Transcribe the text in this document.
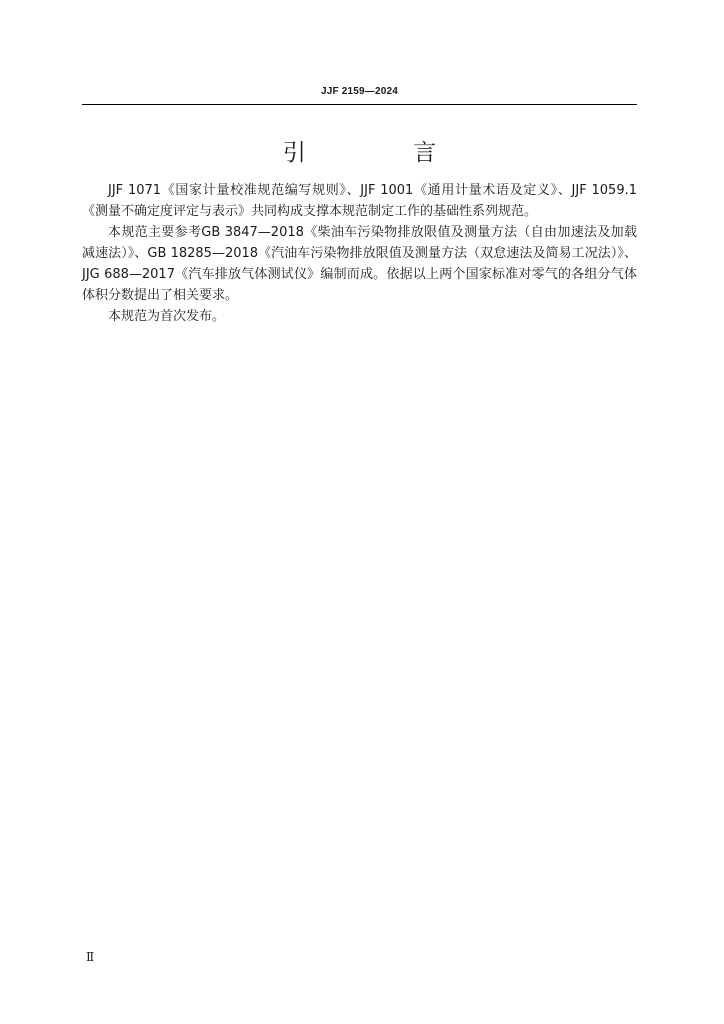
JJF 2159—2024
引 言

JJF 1071《国家计量校准规范编写规则》、JJF 1001《通用计量术语及定义》、JJF 1059.1《测量不确定度评定与表示》共同构成支撑本规范制定工作的基础性系列规范。

本规范主要参考GB 3847—2018《柴油车污染物排放限值及测量方法（自由加速法及加载减速法）》、GB 18285—2018《汽油车污染物排放限值及测量方法（双怠速法及简易工况法）》、JJG 688—2017《汽车排放气体测试仪》编制而成。依据以上两个国家标准对零气的各组分气体体积分数提出了相关要求。

本规范为首次发布。

Ⅱ
